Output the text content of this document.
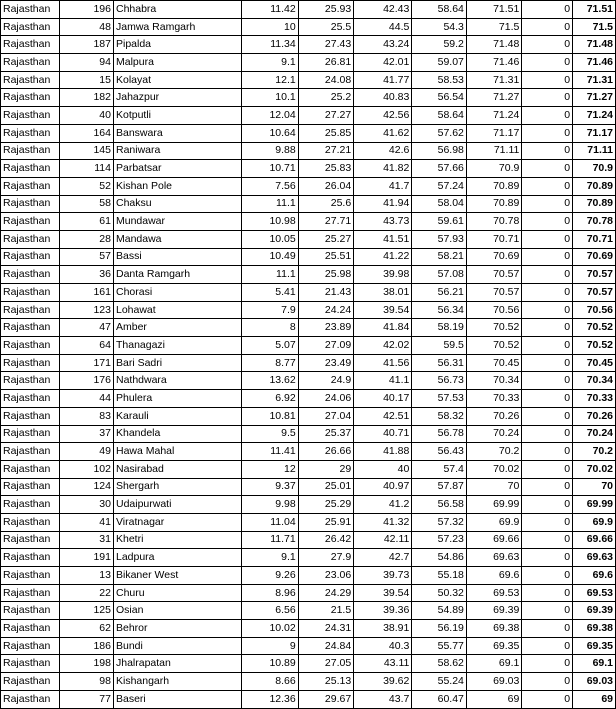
Rajasthan	196	Chhabra	11.42	25.93	42.43	58.64	71.51	0	71.51
Rajasthan	48	Jamwa Ramgarh	10	25.5	44.5	54.3	71.5	0	71.5
Rajasthan	187	Pipalda	11.34	27.43	43.24	59.2	71.48	0	71.48
Rajasthan	94	Malpura	9.1	26.81	42.01	59.07	71.46	0	71.46
Rajasthan	15	Kolayat	12.1	24.08	41.77	58.53	71.31	0	71.31
Rajasthan	182	Jahazpur	10.1	25.2	40.83	56.54	71.27	0	71.27
Rajasthan	40	Kotputli	12.04	27.27	42.56	58.64	71.24	0	71.24
Rajasthan	164	Banswara	10.64	25.85	41.62	57.62	71.17	0	71.17
Rajasthan	145	Raniwara	9.88	27.21	42.6	56.98	71.11	0	71.11
Rajasthan	114	Parbatsar	10.71	25.83	41.82	57.66	70.9	0	70.9
Rajasthan	52	Kishan Pole	7.56	26.04	41.7	57.24	70.89	0	70.89
Rajasthan	58	Chaksu	11.1	25.6	41.94	58.04	70.89	0	70.89
Rajasthan	61	Mundawar	10.98	27.71	43.73	59.61	70.78	0	70.78
Rajasthan	28	Mandawa	10.05	25.27	41.51	57.93	70.71	0	70.71
Rajasthan	57	Bassi	10.49	25.51	41.22	58.21	70.69	0	70.69
Rajasthan	36	Danta Ramgarh	11.1	25.98	39.98	57.08	70.57	0	70.57
Rajasthan	161	Chorasi	5.41	21.43	38.01	56.21	70.57	0	70.57
Rajasthan	123	Lohawat	7.9	24.24	39.54	56.34	70.56	0	70.56
Rajasthan	47	Amber	8	23.89	41.84	58.19	70.52	0	70.52
Rajasthan	64	Thanagazi	5.07	27.09	42.02	59.5	70.52	0	70.52
Rajasthan	171	Bari Sadri	8.77	23.49	41.56	56.31	70.45	0	70.45
Rajasthan	176	Nathdwara	13.62	24.9	41.1	56.73	70.34	0	70.34
Rajasthan	44	Phulera	6.92	24.06	40.17	57.53	70.33	0	70.33
Rajasthan	83	Karauli	10.81	27.04	42.51	58.32	70.26	0	70.26
Rajasthan	37	Khandela	9.5	25.37	40.71	56.78	70.24	0	70.24
Rajasthan	49	Hawa Mahal	11.41	26.66	41.88	56.43	70.2	0	70.2
Rajasthan	102	Nasirabad	12	29	40	57.4	70.02	0	70.02
Rajasthan	124	Shergarh	9.37	25.01	40.97	57.87	70	0	70
Rajasthan	30	Udaipurwati	9.98	25.29	41.2	56.58	69.99	0	69.99
Rajasthan	41	Viratnagar	11.04	25.91	41.32	57.32	69.9	0	69.9
Rajasthan	31	Khetri	11.71	26.42	42.11	57.23	69.66	0	69.66
Rajasthan	191	Ladpura	9.1	27.9	42.7	54.86	69.63	0	69.63
Rajasthan	13	Bikaner West	9.26	23.06	39.73	55.18	69.6	0	69.6
Rajasthan	22	Churu	8.96	24.29	39.54	50.32	69.53	0	69.53
Rajasthan	125	Osian	6.56	21.5	39.36	54.89	69.39	0	69.39
Rajasthan	62	Behror	10.02	24.31	38.91	56.19	69.38	0	69.38
Rajasthan	186	Bundi	9	24.84	40.3	55.77	69.35	0	69.35
Rajasthan	198	Jhalrapatan	10.89	27.05	43.11	58.62	69.1	0	69.1
Rajasthan	98	Kishangarh	8.66	25.13	39.62	55.24	69.03	0	69.03
Rajasthan	77	Baseri	12.36	29.67	43.7	60.47	69	0	69
